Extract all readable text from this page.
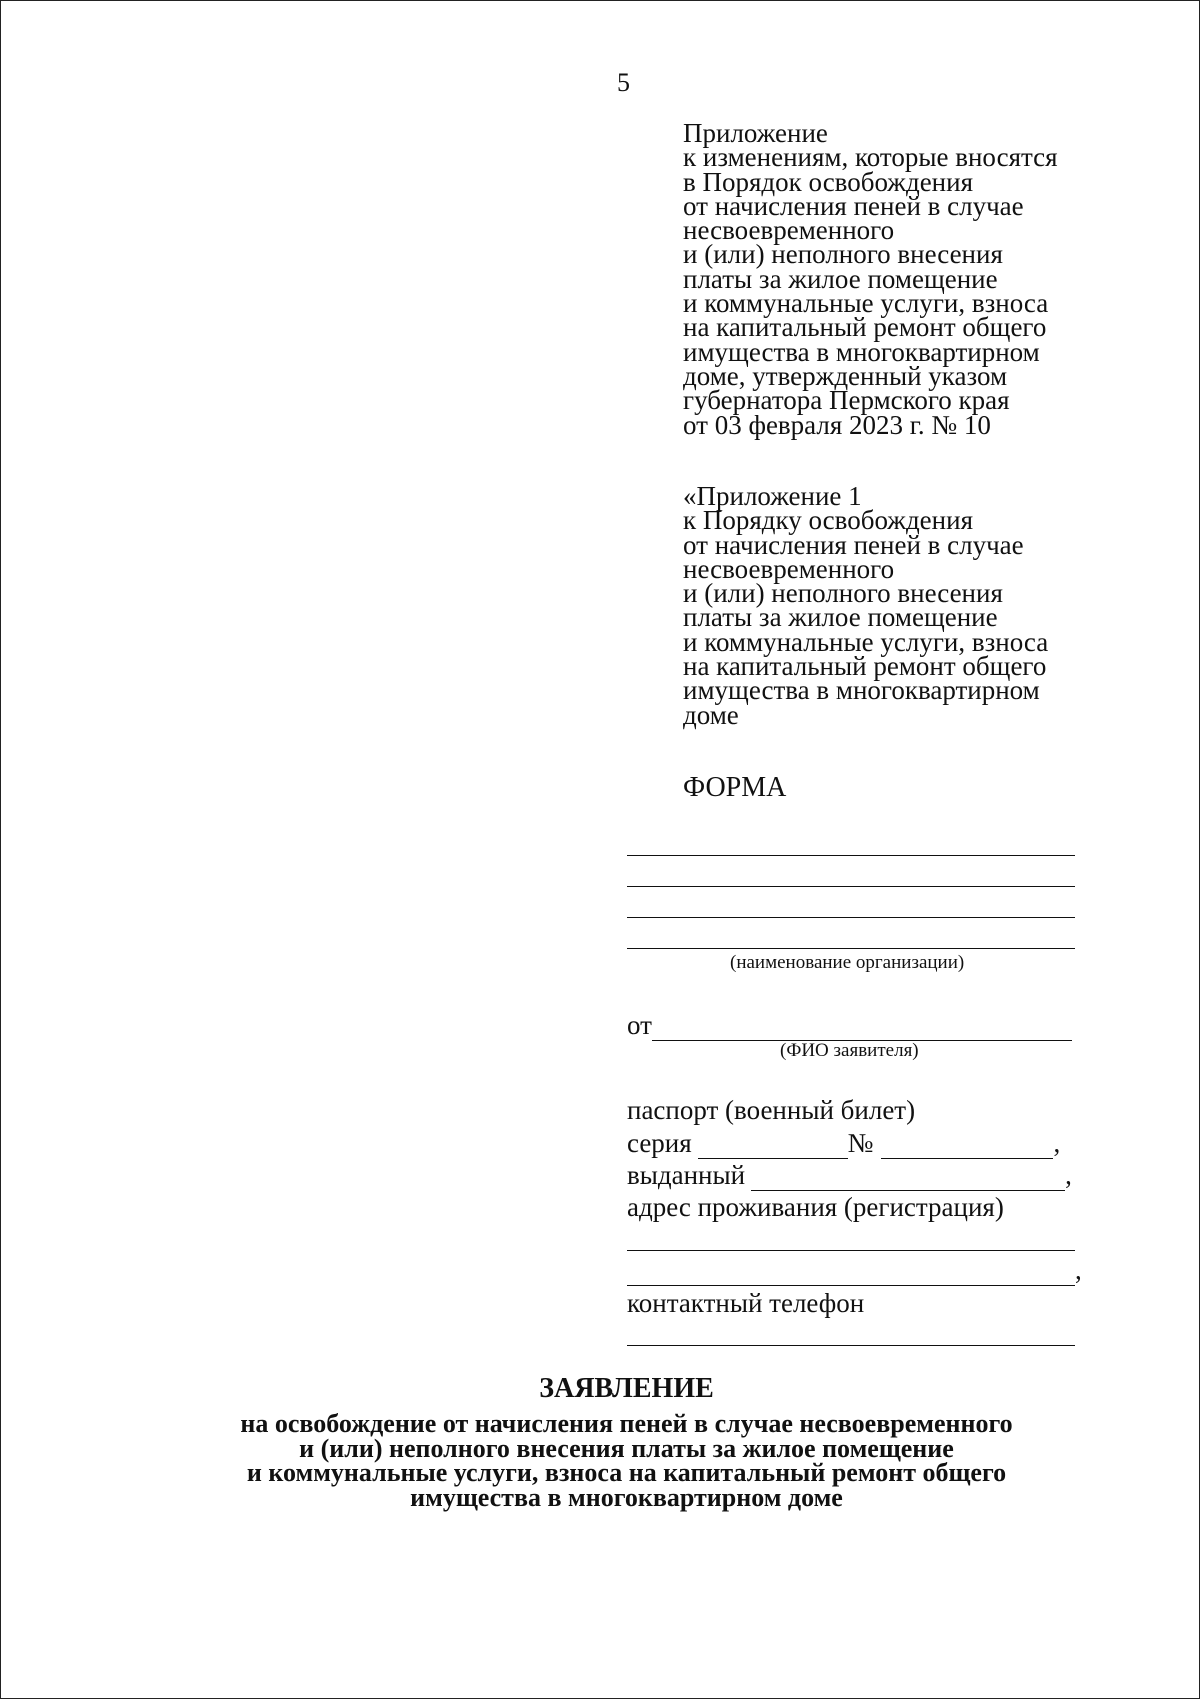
5
Приложение
к изменениям, которые вносятся
в Порядок освобождения
от начисления пеней в случае
несвоевременного
и (или) неполного внесения
платы за жилое помещение
и коммунальные услуги, взноса
на капитальный ремонт общего
имущества в многоквартирном
доме, утвержденный указом
губернатора Пермского края
от 03 февраля 2023 г. № 10
«Приложение 1
к Порядку освобождения
от начисления пеней в случае
несвоевременного
и (или) неполного внесения
платы за жилое помещение
и коммунальные услуги, взноса
на капитальный ремонт общего
имущества в многоквартирном
доме
ФОРМА
(наименование организации)
от
(ФИО заявителя)
паспорт (военный билет)
серия	№	,
выданный	,
адрес проживания (регистрация)
,
контактный телефон
ЗАЯВЛЕНИЕ
на освобождение от начисления пеней в случае несвоевременного
и (или) неполного внесения платы за жилое помещение
и коммунальные услуги, взноса на капитальный ремонт общего
имущества в многоквартирном доме
